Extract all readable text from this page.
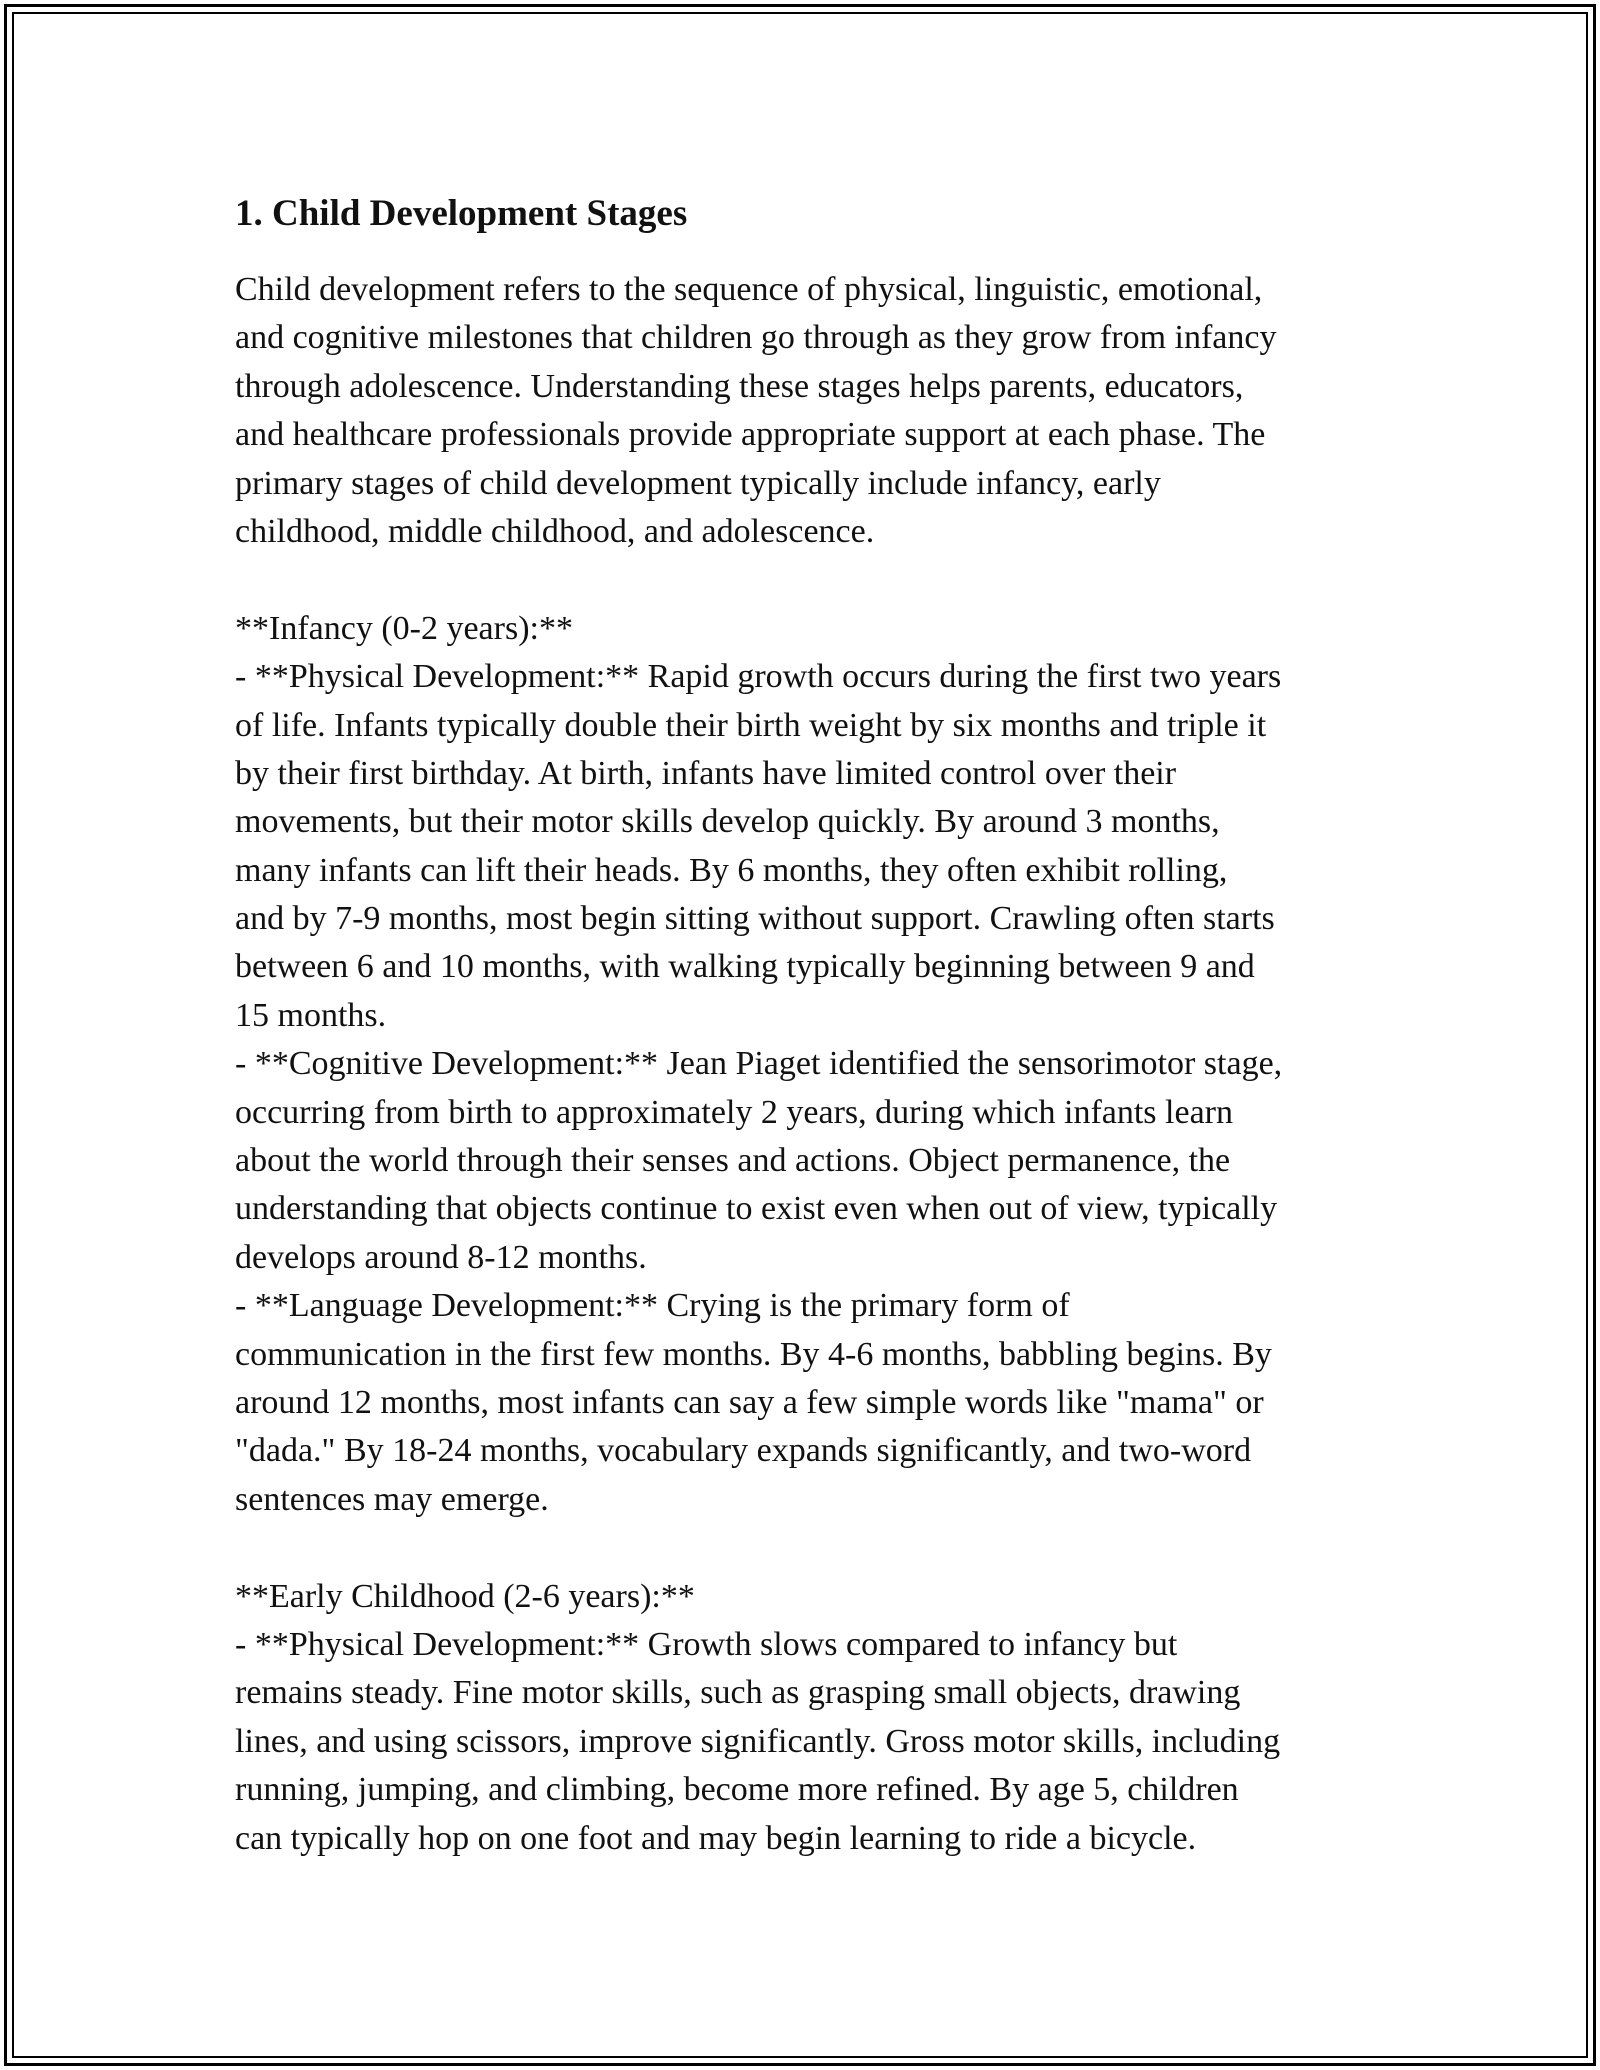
1. Child Development Stages
Child development refers to the sequence of physical, linguistic, emotional,
and cognitive milestones that children go through as they grow from infancy
through adolescence. Understanding these stages helps parents, educators,
and healthcare professionals provide appropriate support at each phase. The
primary stages of child development typically include infancy, early
childhood, middle childhood, and adolescence.
**Infancy (0-2 years):**
- **Physical Development:** Rapid growth occurs during the first two years
of life. Infants typically double their birth weight by six months and triple it
by their first birthday. At birth, infants have limited control over their
movements, but their motor skills develop quickly. By around 3 months,
many infants can lift their heads. By 6 months, they often exhibit rolling,
and by 7-9 months, most begin sitting without support. Crawling often starts
between 6 and 10 months, with walking typically beginning between 9 and
15 months.
- **Cognitive Development:** Jean Piaget identified the sensorimotor stage,
occurring from birth to approximately 2 years, during which infants learn
about the world through their senses and actions. Object permanence, the
understanding that objects continue to exist even when out of view, typically
develops around 8-12 months.
- **Language Development:** Crying is the primary form of
communication in the first few months. By 4-6 months, babbling begins. By
around 12 months, most infants can say a few simple words like "mama" or
"dada." By 18-24 months, vocabulary expands significantly, and two-word
sentences may emerge.
**Early Childhood (2-6 years):**
- **Physical Development:** Growth slows compared to infancy but
remains steady. Fine motor skills, such as grasping small objects, drawing
lines, and using scissors, improve significantly. Gross motor skills, including
running, jumping, and climbing, become more refined. By age 5, children
can typically hop on one foot and may begin learning to ride a bicycle.
